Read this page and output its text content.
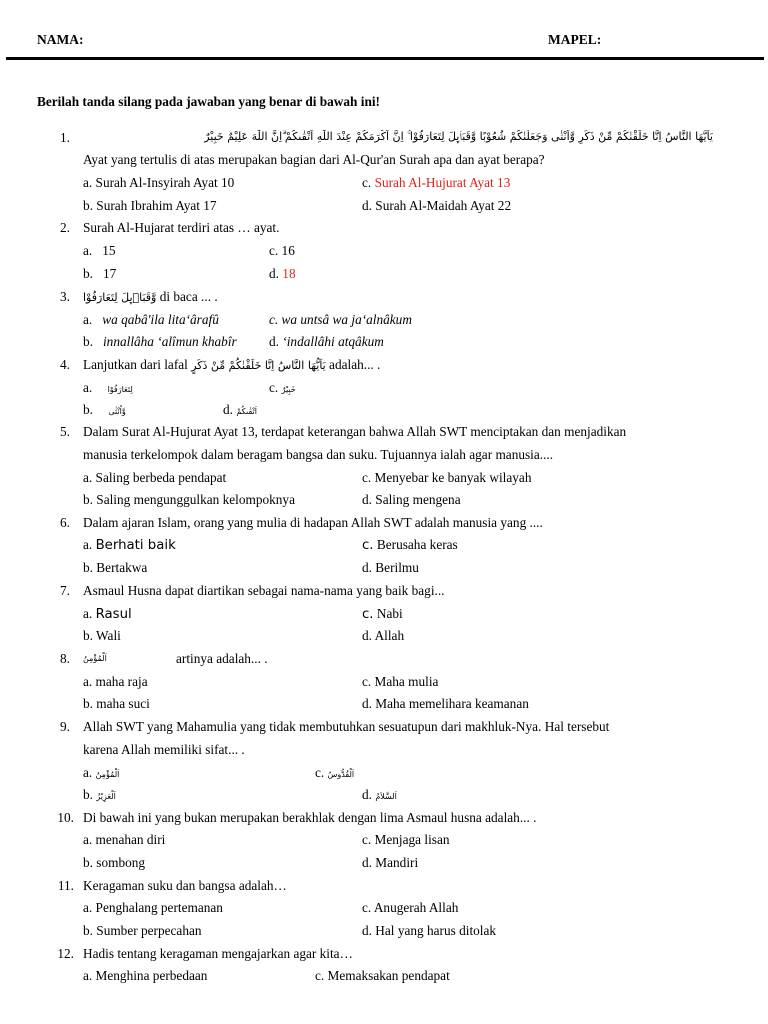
NAMA:	MAPEL:
Berilah tanda silang pada jawaban yang benar di bawah ini!
1.	يَاَيُّهَا النَّاسُ اِنَّا خَلَقْنٰكُمْ مِّنْ ذَكَرٍ وَّاُنْثٰى وَجَعَلْنٰكُمْ شُعُوْبًا وَّقَبَاۤىِٕلَ لِتَعَارَفُوْا ۚ اِنَّ اَكْرَمَكُمْ عِنْدَ اللّٰهِ اَتْقٰىكُمْ ۗاِنَّ اللّٰهَ عَلِيْمٌ خَبِيْرٌ
Ayat yang tertulis di atas merupakan bagian dari Al-Qur'an Surah apa dan ayat berapa?
a. Surah Al-Insyirah Ayat 10	c. Surah Al-Hujurat Ayat 13
b. Surah Ibrahim Ayat 17	d. Surah Al-Maidah Ayat 22
2. Surah Al-Hujarat terdiri atas … ayat.
a. 15	c. 16
b. 17	d. 18
3. وَّقَبَاۤىِٕلَ لِتَعَارَفُوْا di baca ... .
a. wa qabâ'ila lita‘ârafû	c. wa untsâ wa ja‘alnâkum
b. innallâha ‘alîmun khabîr d. ‘indallâhi atqâkum
4. Lanjutkan dari lafal يَاَيُّهَا النَّاسُ اِنَّا خَلَقْنٰكُمْ مِّنْ ذَكَرٍ adalah... .
a. لِتَعَارَفُوْا	c. خَبِيْرٌ
b. وَّاُنْثٰى	d. اَتْقٰىكُمْ
5. Dalam Surat Al-Hujurat Ayat 13, terdapat keterangan bahwa Allah SWT menciptakan dan menjadikan
manusia terkelompok dalam beragam bangsa dan suku. Tujuannya ialah agar manusia....
a. Saling berbeda pendapat	c. Menyebar ke banyak wilayah
b. Saling mengunggulkan kelompoknya	d. Saling mengena
6. Dalam ajaran Islam, orang yang mulia di hadapan Allah SWT adalah manusia yang ....
a. Berhati baik	c. Berusaha keras
b. Bertakwa	d. Berilmu
7. Asmaul Husna dapat diartikan sebagai nama-nama yang baik bagi...
a. Rasul	c. Nabi
b. Wali	d. Allah
8. اَلْمُؤْمِنُ	artinya adalah... .
a. maha raja	c. Maha mulia
b. maha suci	d. Maha memelihara keamanan
9. Allah SWT yang Mahamulia yang tidak membutuhkan sesuatupun dari makhluk-Nya. Hal tersebut
karena Allah memiliki sifat... .
a. اَلْمُؤْمِنُ	c. اَلْقُدُّوسُ
b. اَلْعَزِيْزُ	d. اَلسَّلاَمُ
10. Di bawah ini yang bukan merupakan berakhlak dengan lima Asmaul husna adalah... .
a. menahan diri	c. Menjaga lisan
b. sombong	d. Mandiri
11. Keragaman suku dan bangsa adalah…
a. Penghalang pertemanan	c. Anugerah Allah
b. Sumber perpecahan	d. Hal yang harus ditolak
12. Hadis tentang keragaman mengajarkan agar kita…
a. Menghina perbedaan	c. Memaksakan pendapat
